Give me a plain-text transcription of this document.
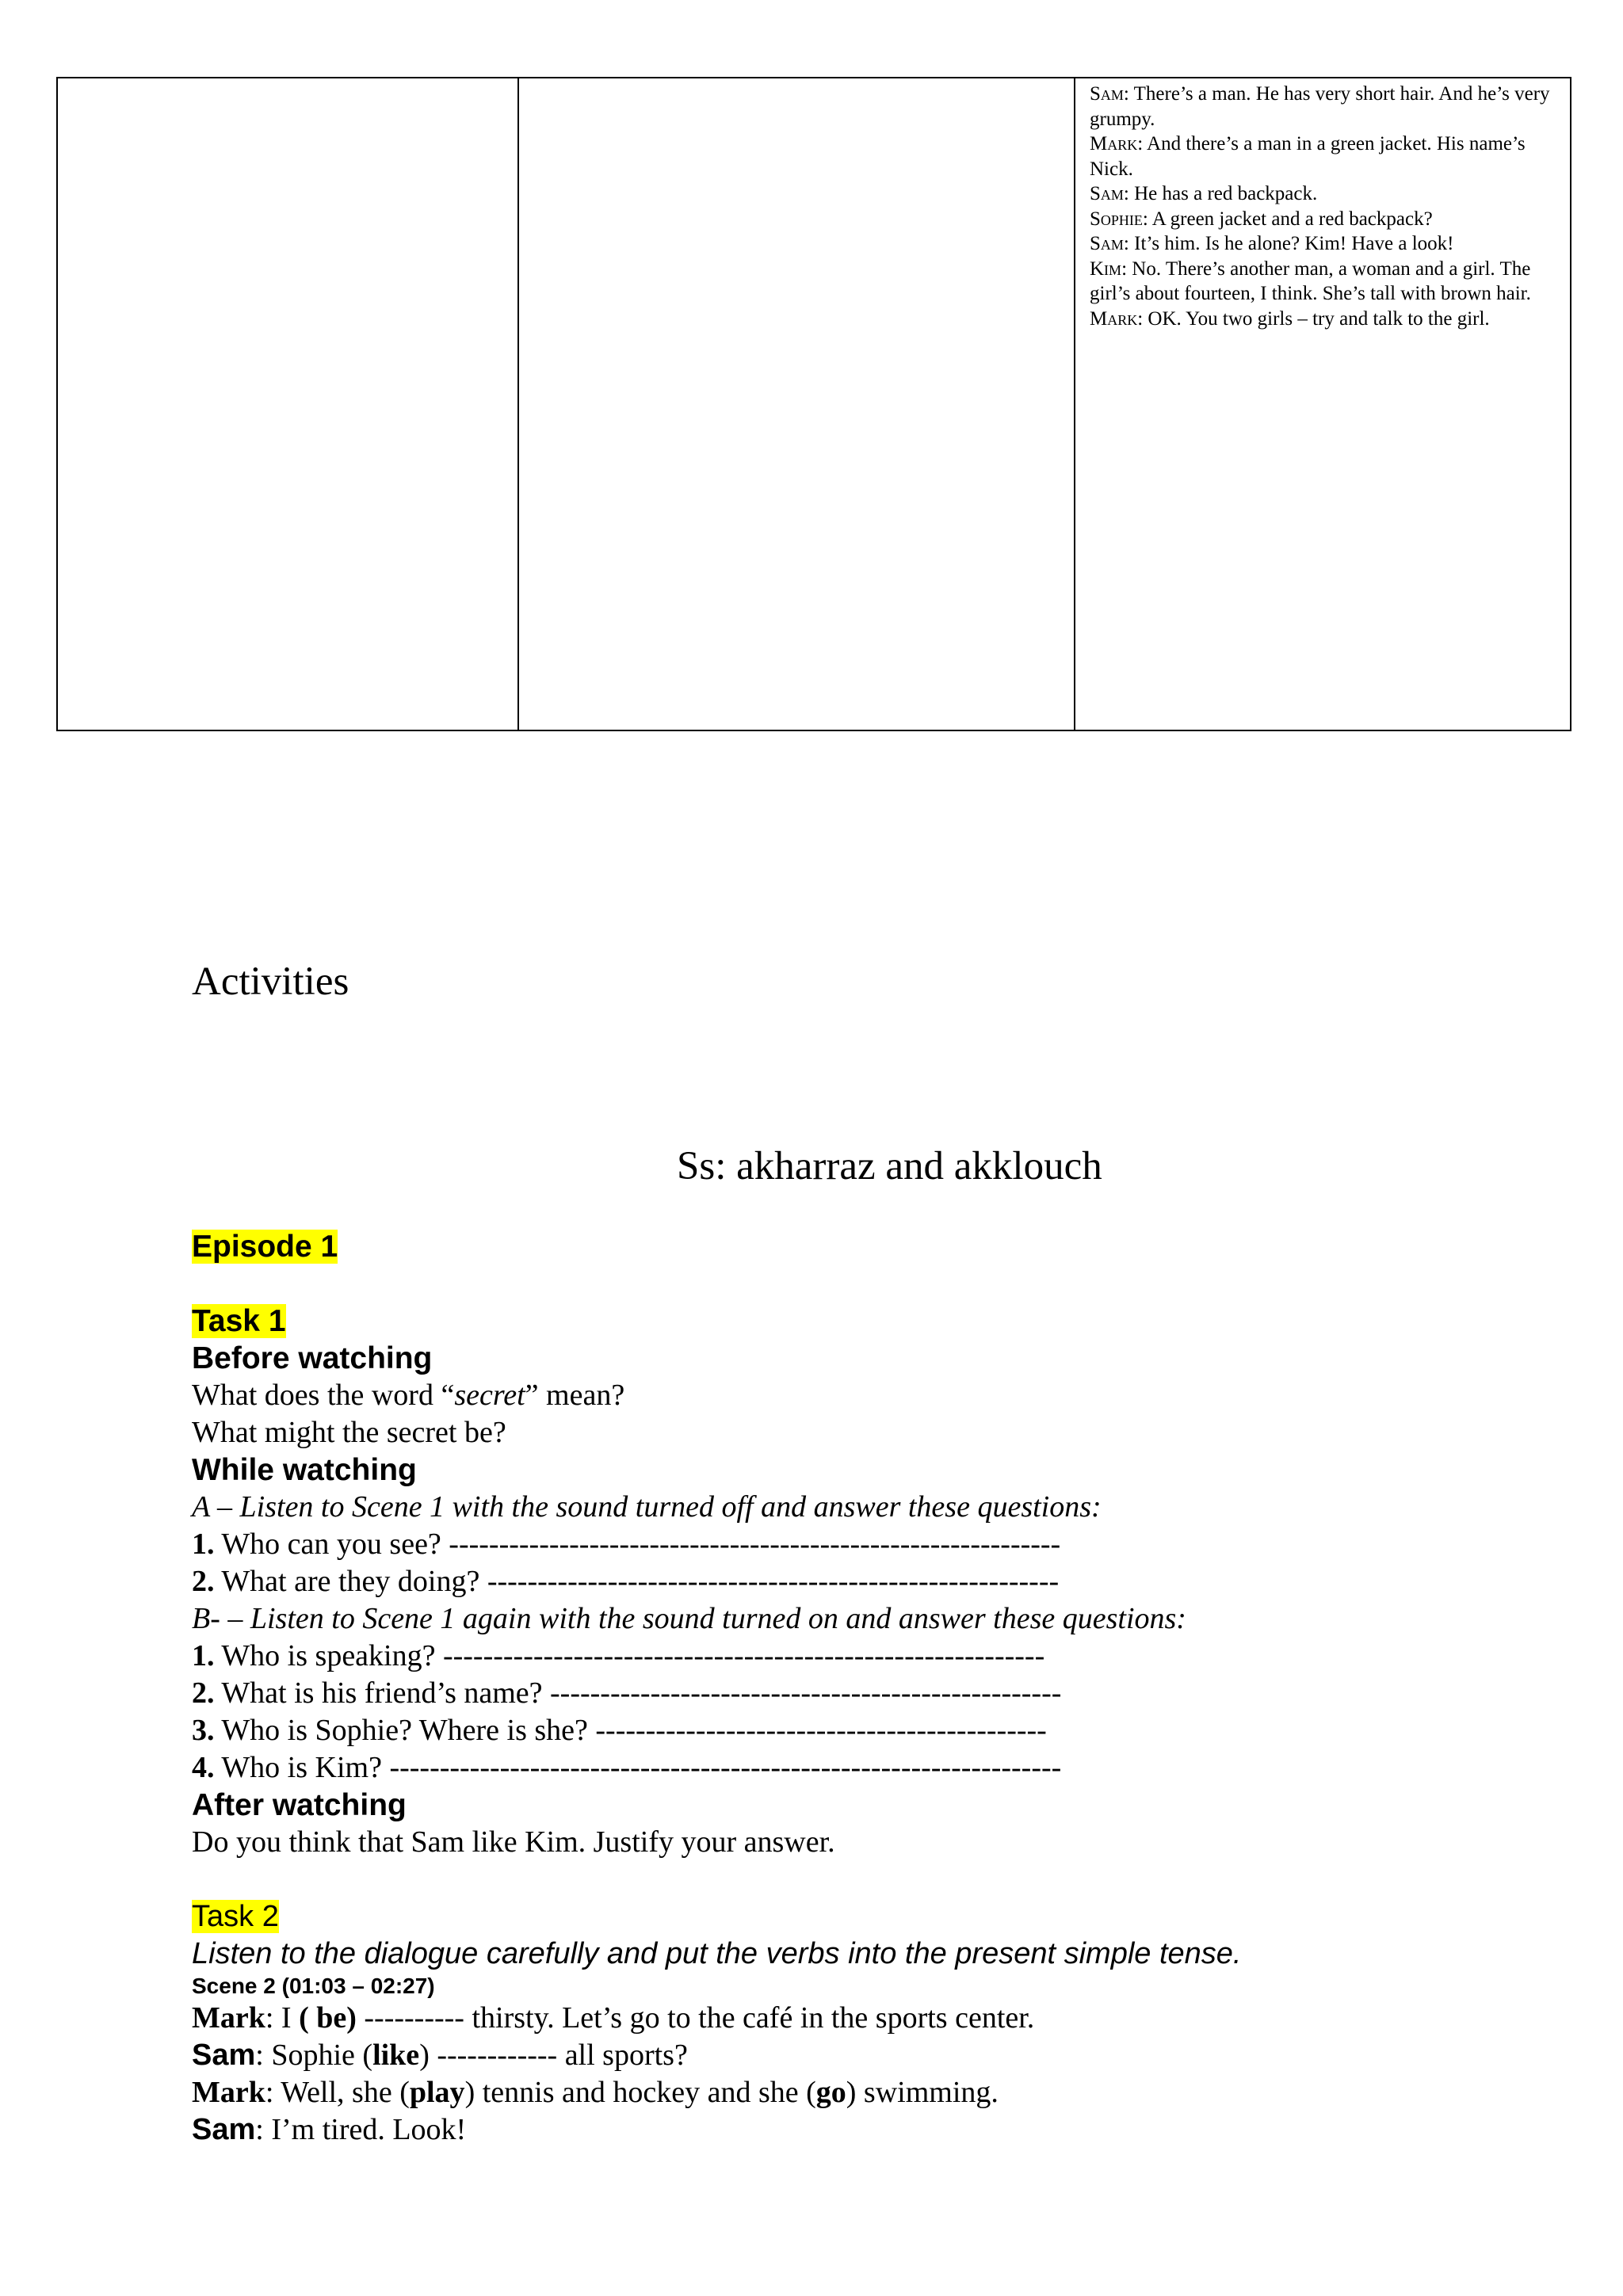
Sam: There’s a man. He has very short hair. And he’s very grumpy.

Mark: And there’s a man in a green jacket. His name’s Nick.

Sam: He has a red backpack.

Sophie: A green jacket and a red backpack?

Sam: It’s him. Is he alone? Kim! Have a look!

Kim: No. There’s another man, a woman and a girl. The girl’s about fourteen, I think. She’s tall with brown hair.

Mark: OK. You two girls – try and talk to the girl.

Activities

Ss: akharraz and akklouch

Episode 1

Task 1

Before watching

What does the word “secret” mean?

What might the secret be?

While watching

A – Listen to Scene 1 with the sound turned off and answer these questions:

1. Who can you see? -------------------------------------------------------------

2. What are they doing? ---------------------------------------------------------

B- – Listen to Scene 1 again with the sound turned on and answer these questions:

1. Who is speaking? ------------------------------------------------------------

2. What is his friend’s name? ---------------------------------------------------

3. Who is Sophie? Where is she? ---------------------------------------------

4. Who is Kim? -------------------------------------------------------------------

After watching

Do you think that Sam like Kim. Justify your answer.

Task 2

Listen to the dialogue carefully and put the verbs into the present simple tense.

Scene 2 (01:03 – 02:27)

Mark: I ( be) ---------- thirsty. Let’s go to the café in the sports center.

Sam: Sophie (like) ------------ all sports?

Mark: Well, she (play) tennis and hockey and she (go) swimming.

Sam: I’m tired. Look!
